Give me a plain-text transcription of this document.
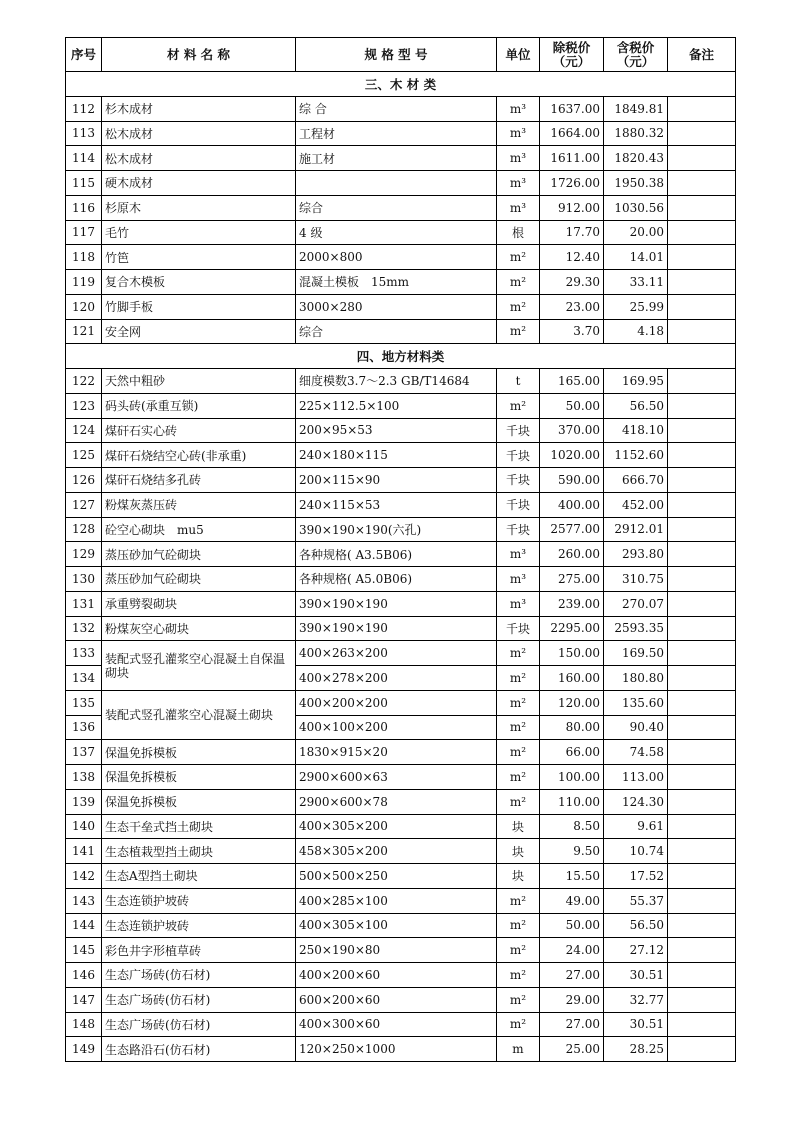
序号	材 料 名 称	规 格 型 号	单位	除税价（元）	含税价（元）	备注
三、木 材 类						
112	杉木成材	综 合	m³	1637.00	1849.81	
113	松木成材	工程材	m³	1664.00	1880.32	
114	松木成材	施工材	m³	1611.00	1820.43	
115	硬木成材		m³	1726.00	1950.38	
116	杉原木	综合	m³	912.00	1030.56	
117	毛竹	4 级	根	17.70	20.00	
118	竹笆	2000×800	m²	12.40	14.01	
119	复合木模板	混凝土模板　15mm	m²	29.30	33.11	
120	竹脚手板	3000×280	m²	23.00	25.99	
121	安全网	综合	m²	3.70	4.18	
四、地方材料类						
122	天然中粗砂	细度模数3.7～2.3 GB/T14684	t	165.00	169.95	
123	码头砖(承重互锁)	225×112.5×100	m²	50.00	56.50	
124	煤矸石实心砖	200×95×53	千块	370.00	418.10	
125	煤矸石烧结空心砖(非承重)	240×180×115	千块	1020.00	1152.60	
126	煤矸石烧结多孔砖	200×115×90	千块	590.00	666.70	
127	粉煤灰蒸压砖	240×115×53	千块	400.00	452.00	
128	砼空心砌块　mu5	390×190×190(六孔)	千块	2577.00	2912.01	
129	蒸压砂加气砼砌块	各种规格( A3.5B06)	m³	260.00	293.80	
130	蒸压砂加气砼砌块	各种规格( A5.0B06)	m³	275.00	310.75	
131	承重劈裂砌块	390×190×190	m³	239.00	270.07	
132	粉煤灰空心砌块	390×190×190	千块	2295.00	2593.35	
133	装配式竖孔灌浆空心混凝土自保温砌块	400×263×200	m²	150.00	169.50	
134		400×278×200	m²	160.00	180.80	
135	装配式竖孔灌浆空心混凝土砌块	400×200×200	m²	120.00	135.60	
136		400×100×200	m²	80.00	90.40	
137	保温免拆模板	1830×915×20	m²	66.00	74.58	
138	保温免拆模板	2900×600×63	m²	100.00	113.00	
139	保温免拆模板	2900×600×78	m²	110.00	124.30	
140	生态干垒式挡土砌块	400×305×200	块	8.50	9.61	
141	生态植栽型挡土砌块	458×305×200	块	9.50	10.74	
142	生态A型挡土砌块	500×500×250	块	15.50	17.52	
143	生态连锁护坡砖	400×285×100	m²	49.00	55.37	
144	生态连锁护坡砖	400×305×100	m²	50.00	56.50	
145	彩色井字形植草砖	250×190×80	m²	24.00	27.12	
146	生态广场砖(仿石材)	400×200×60	m²	27.00	30.51	
147	生态广场砖(仿石材)	600×200×60	m²	29.00	32.77	
148	生态广场砖(仿石材)	400×300×60	m²	27.00	30.51	
149	生态路沿石(仿石材)	120×250×1000	m	25.00	28.25	
